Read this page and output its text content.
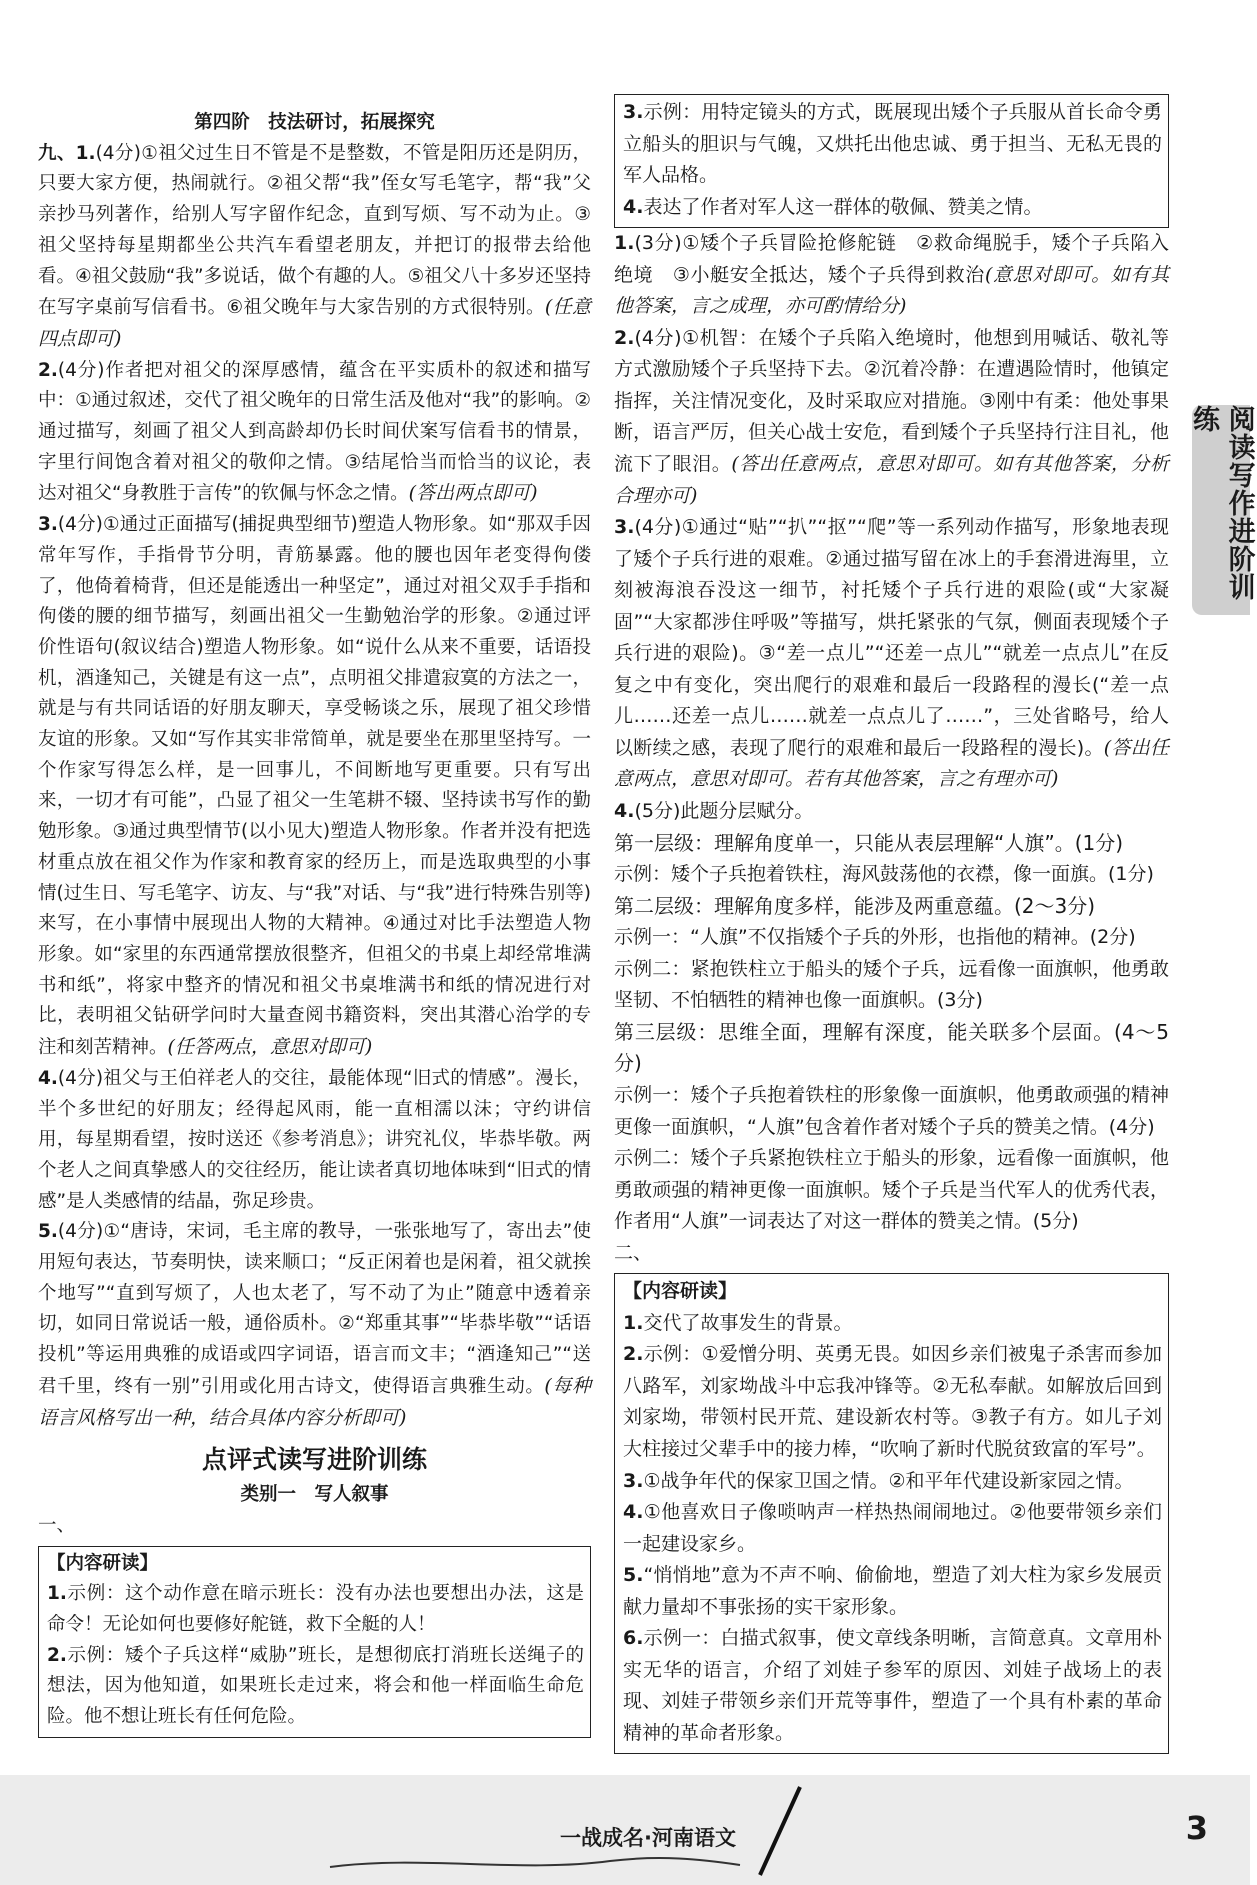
第四阶　技法研讨，拓展探究
九、1.(4分)①祖父过生日不管是不是整数，不管是阳历还是阴历，只要大家方便，热闹就行。②祖父帮“我”侄女写毛笔字，帮“我”父亲抄马列著作，给别人写字留作纪念，直到写烦、写不动为止。③祖父坚持每星期都坐公共汽车看望老朋友，并把订的报带去给他看。④祖父鼓励“我”多说话，做个有趣的人。⑤祖父八十多岁还坚持在写字桌前写信看书。⑥祖父晚年与大家告别的方式很特别。(任意四点即可)
2.(4分)作者把对祖父的深厚感情，蕴含在平实质朴的叙述和描写中：①通过叙述，交代了祖父晚年的日常生活及他对“我”的影响。②通过描写，刻画了祖父人到高龄却仍长时间伏案写信看书的情景，字里行间饱含着对祖父的敬仰之情。③结尾恰当而恰当的议论，表达对祖父“身教胜于言传”的钦佩与怀念之情。(答出两点即可)
3.(4分)①通过正面描写(捕捉典型细节)塑造人物形象。如“那双手因常年写作，手指骨节分明，青筋暴露。他的腰也因年老变得佝偻了，他倚着椅背，但还是能透出一种坚定”，通过对祖父双手手指和佝偻的腰的细节描写，刻画出祖父一生勤勉治学的形象。②通过评价性语句(叙议结合)塑造人物形象。如“说什么从来不重要，话语投机，酒逢知己，关键是有这一点”，点明祖父排遣寂寞的方法之一，就是与有共同话语的好朋友聊天，享受畅谈之乐，展现了祖父珍惜友谊的形象。又如“写作其实非常简单，就是要坐在那里坚持写。一个作家写得怎么样，是一回事儿，不间断地写更重要。只有写出来，一切才有可能”，凸显了祖父一生笔耕不辍、坚持读书写作的勤勉形象。③通过典型情节(以小见大)塑造人物形象。作者并没有把选材重点放在祖父作为作家和教育家的经历上，而是选取典型的小事情(过生日、写毛笔字、访友、与“我”对话、与“我”进行特殊告别等)来写，在小事情中展现出人物的大精神。④通过对比手法塑造人物形象。如“家里的东西通常摆放很整齐，但祖父的书桌上却经常堆满书和纸”，将家中整齐的情况和祖父书桌堆满书和纸的情况进行对比，表明祖父钻研学问时大量查阅书籍资料，突出其潜心治学的专注和刻苦精神。(任答两点，意思对即可)
4.(4分)祖父与王伯祥老人的交往，最能体现“旧式的情感”。漫长，半个多世纪的好朋友；经得起风雨，能一直相濡以沫；守约讲信用，每星期看望，按时送还《参考消息》；讲究礼仪，毕恭毕敬。两个老人之间真挚感人的交往经历，能让读者真切地体味到“旧式的情感”是人类感情的结晶，弥足珍贵。
5.(4分)①“唐诗，宋词，毛主席的教导，一张张地写了，寄出去”使用短句表达，节奏明快，读来顺口；“反正闲着也是闲着，祖父就挨个地写”“直到写烦了，人也太老了，写不动了为止”随意中透着亲切，如同日常说话一般，通俗质朴。②“郑重其事”“毕恭毕敬”“话语投机”等运用典雅的成语或四字词语，语言而文丰；“酒逢知己”“送君千里，终有一别”引用或化用古诗文，使得语言典雅生动。(每种语言风格写出一种，结合具体内容分析即可)
点评式读写进阶训练
类别一　写人叙事
一、
【内容研读】
1.示例：这个动作意在暗示班长：没有办法也要想出办法，这是命令！无论如何也要修好舵链，救下全艇的人！
2.示例：矮个子兵这样“威胁”班长，是想彻底打消班长送绳子的想法，因为他知道，如果班长走过来，将会和他一样面临生命危险。他不想让班长有任何危险。
3.示例：用特定镜头的方式，既展现出矮个子兵服从首长命令勇立船头的胆识与气魄，又烘托出他忠诚、勇于担当、无私无畏的军人品格。
4.表达了作者对军人这一群体的敬佩、赞美之情。
1.(3分)①矮个子兵冒险抢修舵链　②救命绳脱手，矮个子兵陷入绝境　③小艇安全抵达，矮个子兵得到救治(意思对即可。如有其他答案，言之成理，亦可酌情给分)
2.(4分)①机智：在矮个子兵陷入绝境时，他想到用喊话、敬礼等方式激励矮个子兵坚持下去。②沉着冷静：在遭遇险情时，他镇定指挥，关注情况变化，及时采取应对措施。③刚中有柔：他处事果断，语言严厉，但关心战士安危，看到矮个子兵坚持行注目礼，他流下了眼泪。(答出任意两点，意思对即可。如有其他答案，分析合理亦可)
3.(4分)①通过“贴”“扒”“抠”“爬”等一系列动作描写，形象地表现了矮个子兵行进的艰难。②通过描写留在冰上的手套滑进海里，立刻被海浪吞没这一细节，衬托矮个子兵行进的艰险(或“大家凝固”“大家都涉住呼吸”等描写，烘托紧张的气氛，侧面表现矮个子兵行进的艰险)。③“差一点儿”“还差一点儿”“就差一点点儿”在反复之中有变化，突出爬行的艰难和最后一段路程的漫长(“差一点儿……还差一点儿……就差一点点儿了……”，三处省略号，给人以断续之感，表现了爬行的艰难和最后一段路程的漫长)。(答出任意两点，意思对即可。若有其他答案，言之有理亦可)
4.(5分)此题分层赋分。
第一层级：理解角度单一，只能从表层理解“人旗”。(1分)
示例：矮个子兵抱着铁柱，海风鼓荡他的衣襟，像一面旗。(1分)
第二层级：理解角度多样，能涉及两重意蕴。(2～3分)
示例一：“人旗”不仅指矮个子兵的外形，也指他的精神。(2分)
示例二：紧抱铁柱立于船头的矮个子兵，远看像一面旗帜，他勇敢坚韧、不怕牺牲的精神也像一面旗帜。(3分)
第三层级：思维全面，理解有深度，能关联多个层面。(4～5分)
示例一：矮个子兵抱着铁柱的形象像一面旗帜，他勇敢顽强的精神更像一面旗帜，“人旗”包含着作者对矮个子兵的赞美之情。(4分)
示例二：矮个子兵紧抱铁柱立于船头的形象，远看像一面旗帜，他勇敢顽强的精神更像一面旗帜。矮个子兵是当代军人的优秀代表，作者用“人旗”一词表达了对这一群体的赞美之情。(5分)
二、
【内容研读】
1.交代了故事发生的背景。
2.示例：①爱憎分明、英勇无畏。如因乡亲们被鬼子杀害而参加八路军，刘家坳战斗中忘我冲锋等。②无私奉献。如解放后回到刘家坳，带领村民开荒、建设新农村等。③教子有方。如儿子刘大柱接过父辈手中的接力棒，“吹响了新时代脱贫致富的军号”。
3.①战争年代的保家卫国之情。②和平年代建设新家园之情。
4.①他喜欢日子像唢呐声一样热热闹闹地过。②他要带领乡亲们一起建设家乡。
5.“悄悄地”意为不声不响、偷偷地，塑造了刘大柱为家乡发展贡献力量却不事张扬的实干家形象。
6.示例一：白描式叙事，使文章线条明晰，言简意真。文章用朴实无华的语言，介绍了刘娃子参军的原因、刘娃子战场上的表现、刘娃子带领乡亲们开荒等事件，塑造了一个具有朴素的革命精神的革命者形象。
阅读写作进阶训练
一战成名·河南语文	3
